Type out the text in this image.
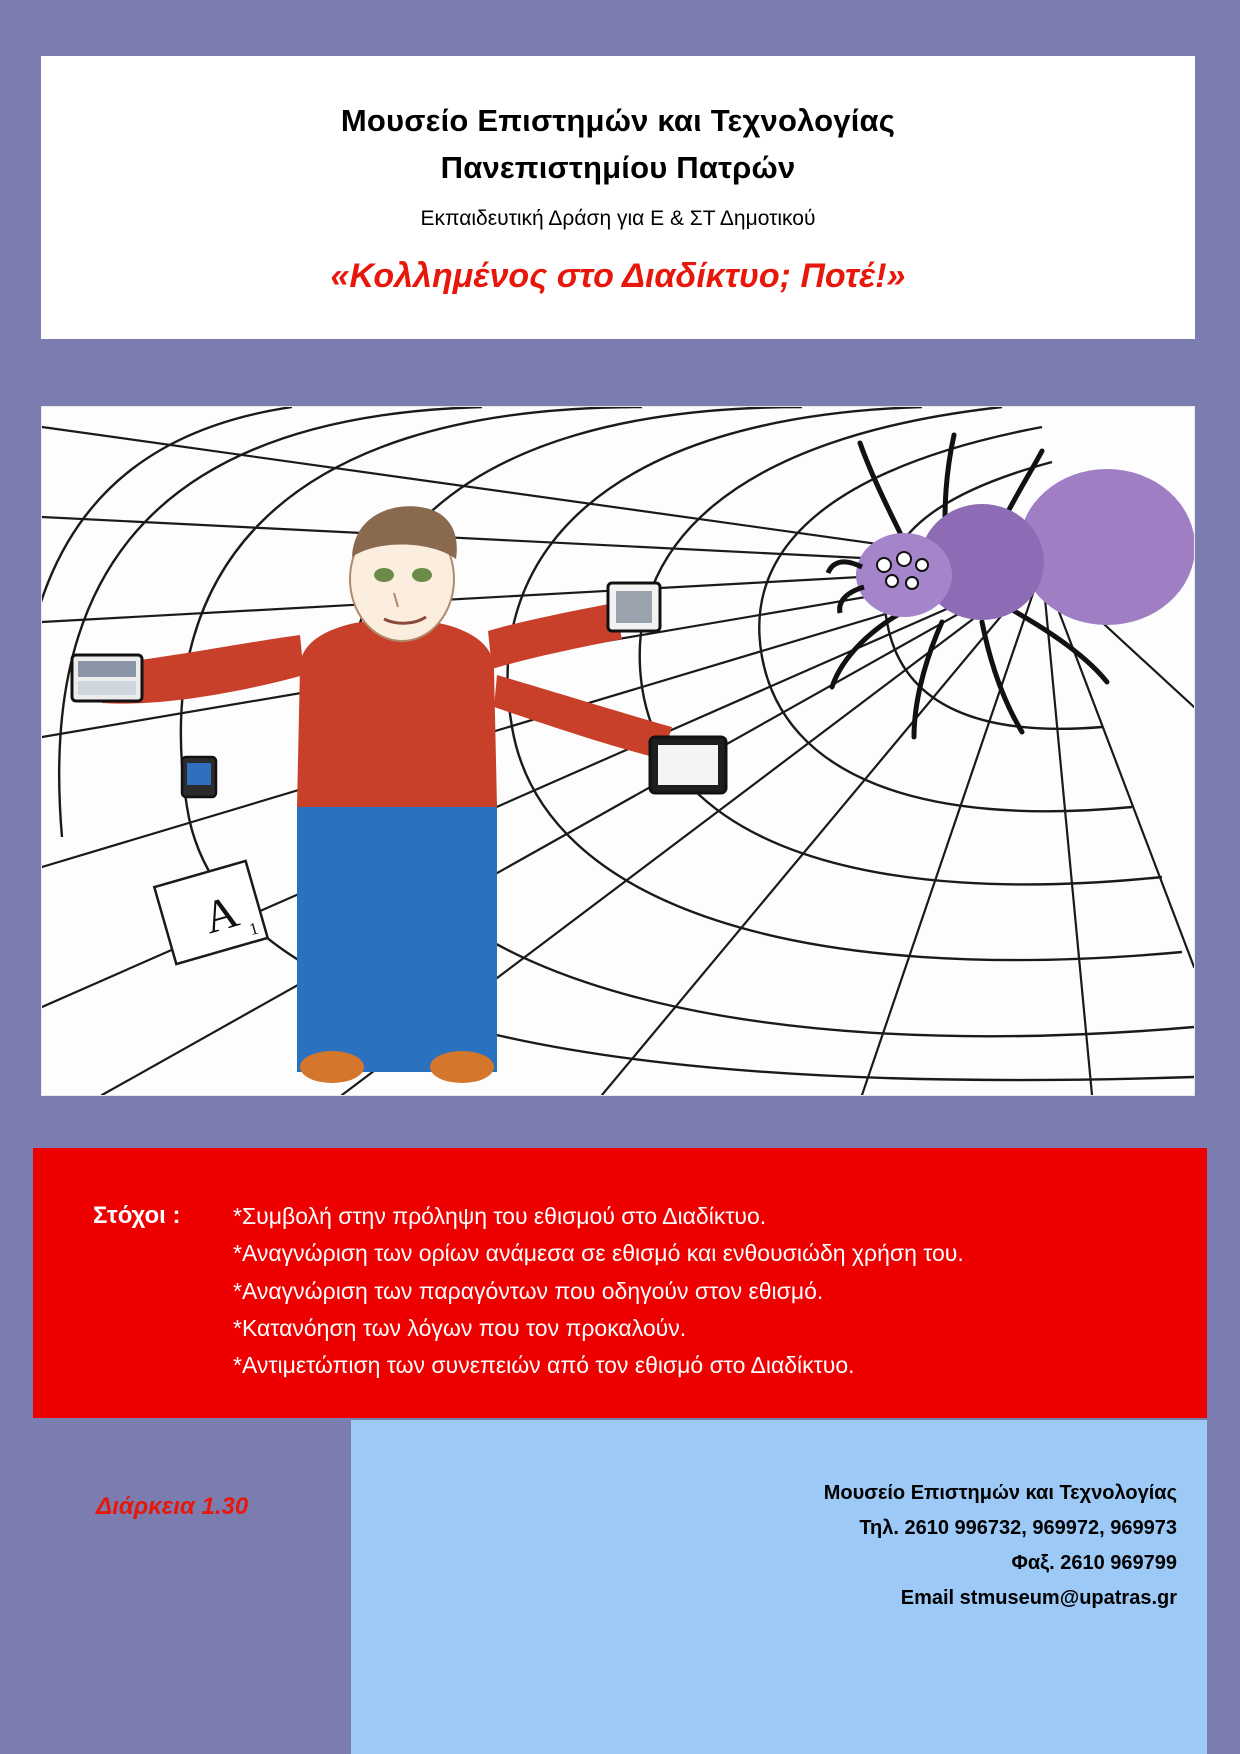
Μουσείο Επιστημών και Τεχνολογίας
Πανεπιστημίου Πατρών
Εκπαιδευτική Δράση για Ε & ΣΤ Δημοτικού
«Κολλημένος στο Διαδίκτυο; Ποτέ!»
A 1
Στόχοι :	*Συμβολή στην πρόληψη του εθισμού στο Διαδίκτυο.
*Αναγνώριση των ορίων ανάμεσα σε εθισμό και ενθουσιώδη χρήση του.
*Αναγνώριση των παραγόντων που οδηγούν στον εθισμό.
*Κατανόηση των λόγων που τον προκαλούν.
*Αντιμετώπιση των συνεπειών από τον εθισμό στο Διαδίκτυο.
Μουσείο Επιστημών και Τεχνολογίας
Τηλ. 2610 996732, 969972, 969973
Φαξ. 2610 969799
Email stmuseum@upatras.gr
Διάρκεια 1.30
